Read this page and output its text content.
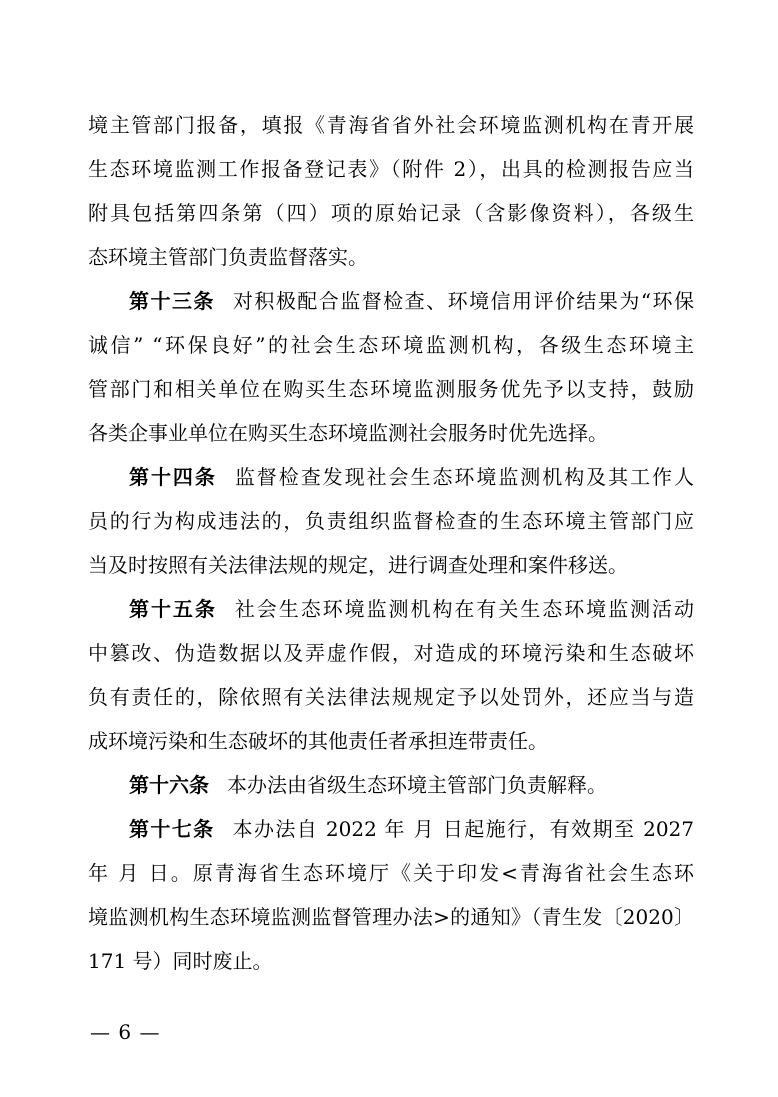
境主管部门报备，填报《青海省省外社会环境监测机构在青开展
生态环境监测工作报备登记表》（附件 2），出具的检测报告应当
附具包括第四条第（四）项的原始记录（含影像资料），各级生
态环境主管部门负责监督落实。
第十三条 对积极配合监督检查、环境信用评价结果为“环保
诚信” “环保良好”的社会生态环境监测机构，各级生态环境主
管部门和相关单位在购买生态环境监测服务优先予以支持，鼓励
各类企事业单位在购买生态环境监测社会服务时优先选择。
第十四条 监督检查发现社会生态环境监测机构及其工作人
员的行为构成违法的，负责组织监督检查的生态环境主管部门应
当及时按照有关法律法规的规定，进行调查处理和案件移送。
第十五条 社会生态环境监测机构在有关生态环境监测活动
中篡改、伪造数据以及弄虚作假，对造成的环境污染和生态破坏
负有责任的，除依照有关法律法规规定予以处罚外，还应当与造
成环境污染和生态破坏的其他责任者承担连带责任。
第十六条 本办法由省级生态环境主管部门负责解释。
第十七条 本办法自 2022 年 月 日起施行，有效期至 2027
年 月 日。原青海省生态环境厅《关于印发<青海省社会生态环
境监测机构生态环境监测监督管理办法>的通知》（青生发〔2020〕
171 号）同时废止。
— 6 —
